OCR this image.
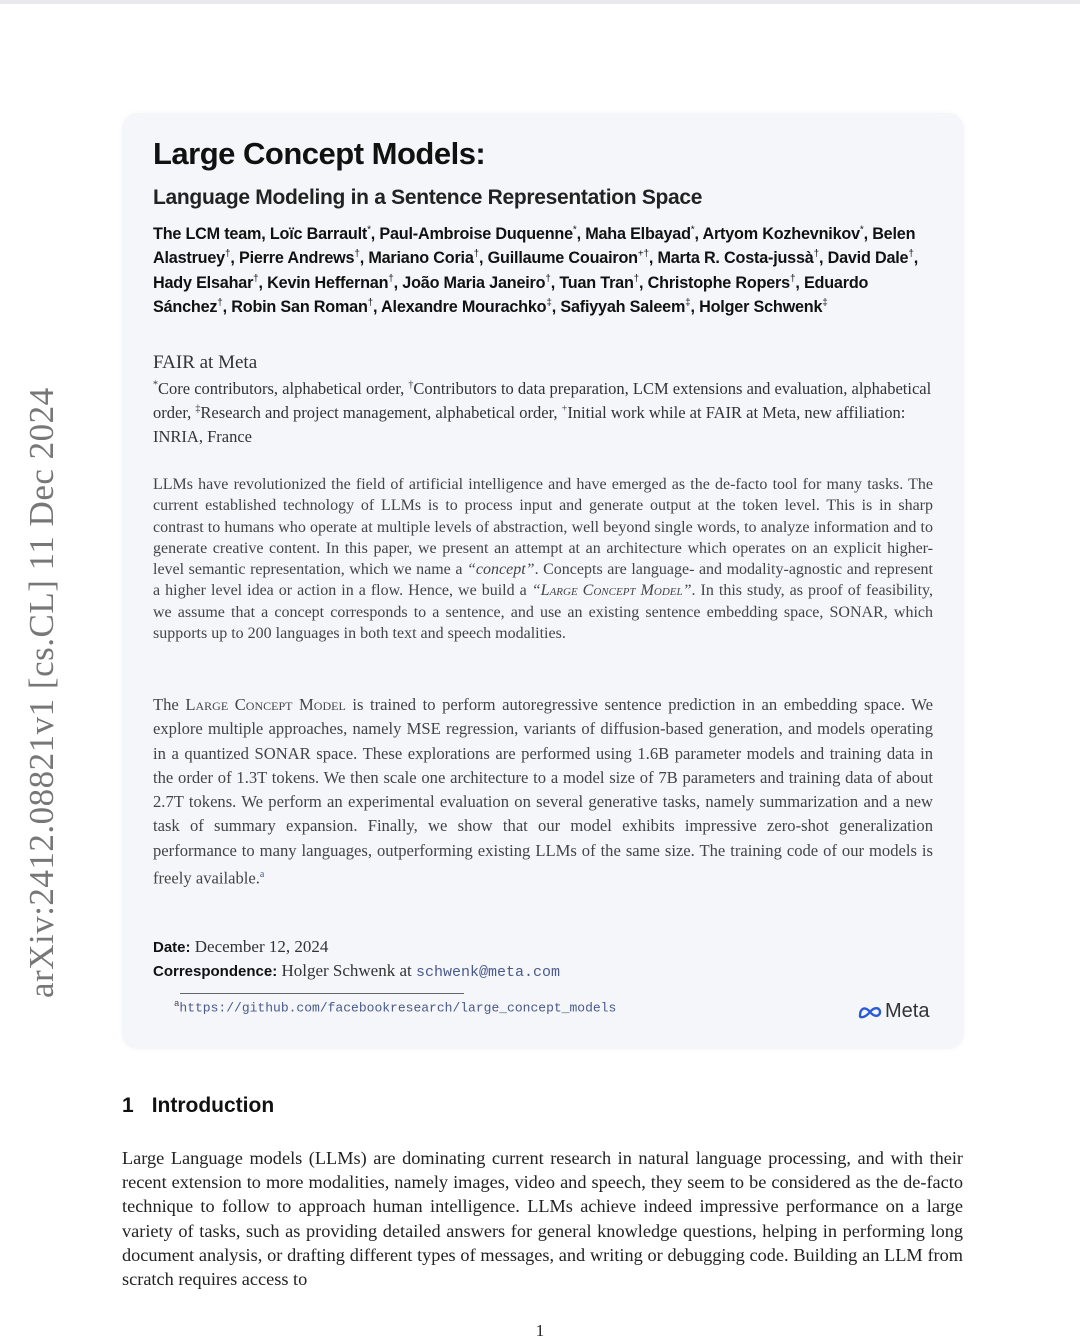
arXiv:2412.08821v1 [cs.CL] 11 Dec 2024
Large Concept Models:
Language Modeling in a Sentence Representation Space
The LCM team, Loïc Barrault*, Paul-Ambroise Duquenne*, Maha Elbayad*, Artyom Kozhevnikov*, Belen Alastruey†, Pierre Andrews†, Mariano Coria†, Guillaume Couairon+†, Marta R. Costa-jussà†, David Dale†, Hady Elsahar†, Kevin Heffernan†, João Maria Janeiro†, Tuan Tran†, Christophe Ropers†, Eduardo Sánchez†, Robin San Roman†, Alexandre Mourachko‡, Safiyyah Saleem‡, Holger Schwenk‡
FAIR at Meta
*Core contributors, alphabetical order, †Contributors to data preparation, LCM extensions and evaluation, alphabetical order, ‡Research and project management, alphabetical order, +Initial work while at FAIR at Meta, new affiliation: INRIA, France
LLMs have revolutionized the field of artificial intelligence and have emerged as the de-facto tool for many tasks. The current established technology of LLMs is to process input and generate output at the token level. This is in sharp contrast to humans who operate at multiple levels of abstraction, well beyond single words, to analyze information and to generate creative content. In this paper, we present an attempt at an architecture which operates on an explicit higher-level semantic representation, which we name a “concept”. Concepts are language- and modality-agnostic and represent a higher level idea or action in a flow. Hence, we build a “Large Concept Model”. In this study, as proof of feasibility, we assume that a concept corresponds to a sentence, and use an existing sentence embedding space, SONAR, which supports up to 200 languages in both text and speech modalities.
The Large Concept Model is trained to perform autoregressive sentence prediction in an embedding space. We explore multiple approaches, namely MSE regression, variants of diffusion-based generation, and models operating in a quantized SONAR space. These explorations are performed using 1.6B parameter models and training data in the order of 1.3T tokens. We then scale one architecture to a model size of 7B parameters and training data of about 2.7T tokens. We perform an experimental evaluation on several generative tasks, namely summarization and a new task of summary expansion. Finally, we show that our model exhibits impressive zero-shot generalization performance to many languages, outperforming existing LLMs of the same size. The training code of our models is freely available.$^a$
Date: December 12, 2024
Correspondence: Holger Schwenk at schwenk@meta.com
$^a$https://github.com/facebookresearch/large_concept_models	Meta
1 Introduction
Large Language models (LLMs) are dominating current research in natural language processing, and with their recent extension to more modalities, namely images, video and speech, they seem to be considered as the de-facto technique to follow to approach human intelligence. LLMs achieve indeed impressive performance on a large variety of tasks, such as providing detailed answers for general knowledge questions, helping in performing long document analysis, or drafting different types of messages, and writing or debugging code. Building an LLM from scratch requires access to
1
